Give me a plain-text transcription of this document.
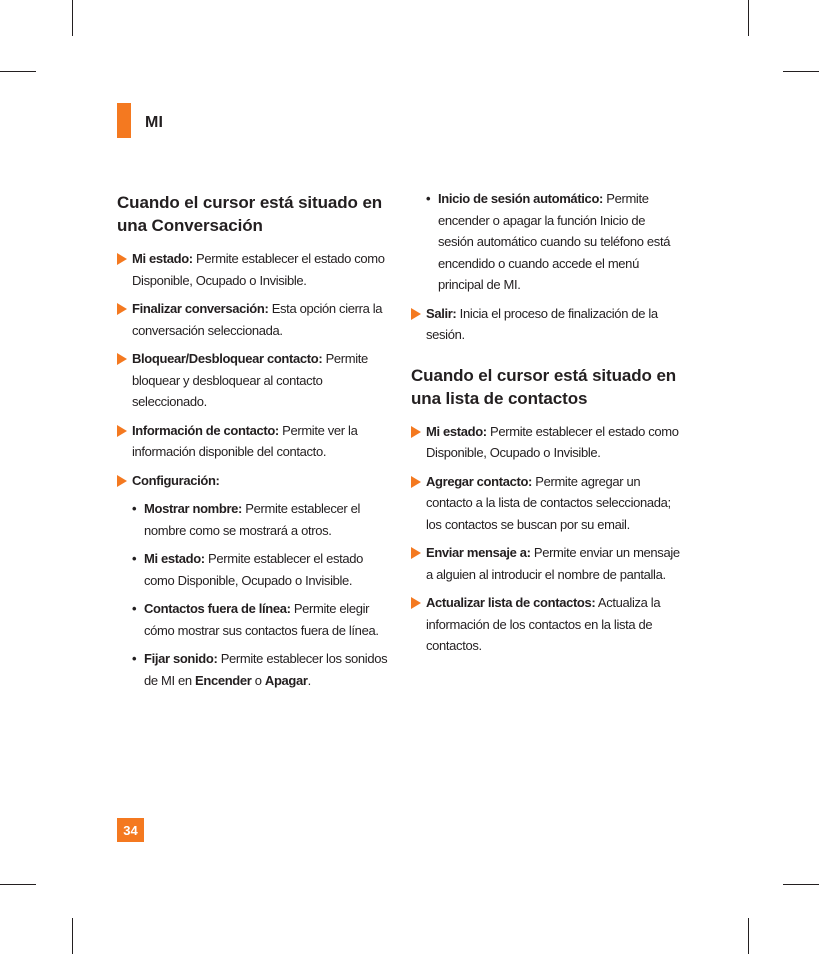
MI
Cuando el cursor está situado en una Conversación
Mi estado: Permite establecer el estado como Disponible, Ocupado o Invisible.
Finalizar conversación: Esta opción cierra la conversación seleccionada.
Bloquear/Desbloquear contacto: Permite bloquear y desbloquear al contacto seleccionado.
Información de contacto: Permite ver la información disponible del contacto.
Configuración:
• Mostrar nombre: Permite establecer el nombre como se mostrará a otros.
• Mi estado: Permite establecer el estado como Disponible, Ocupado o Invisible.
• Contactos fuera de línea: Permite elegir cómo mostrar sus contactos fuera de línea.
• Fijar sonido: Permite establecer los sonidos de MI en Encender o Apagar.
• Inicio de sesión automático: Permite encender o apagar la función Inicio de sesión automático cuando su teléfono está encendido o cuando accede el menú principal de MI.
Salir: Inicia el proceso de finalización de la sesión.
Cuando el cursor está situado en una lista de contactos
Mi estado: Permite establecer el estado como Disponible, Ocupado o Invisible.
Agregar contacto: Permite agregar un contacto a la lista de contactos seleccionada; los contactos se buscan por su email.
Enviar mensaje a: Permite enviar un mensaje a alguien al introducir el nombre de pantalla.
Actualizar lista de contactos: Actualiza la información de los contactos en la lista de contactos.
34
